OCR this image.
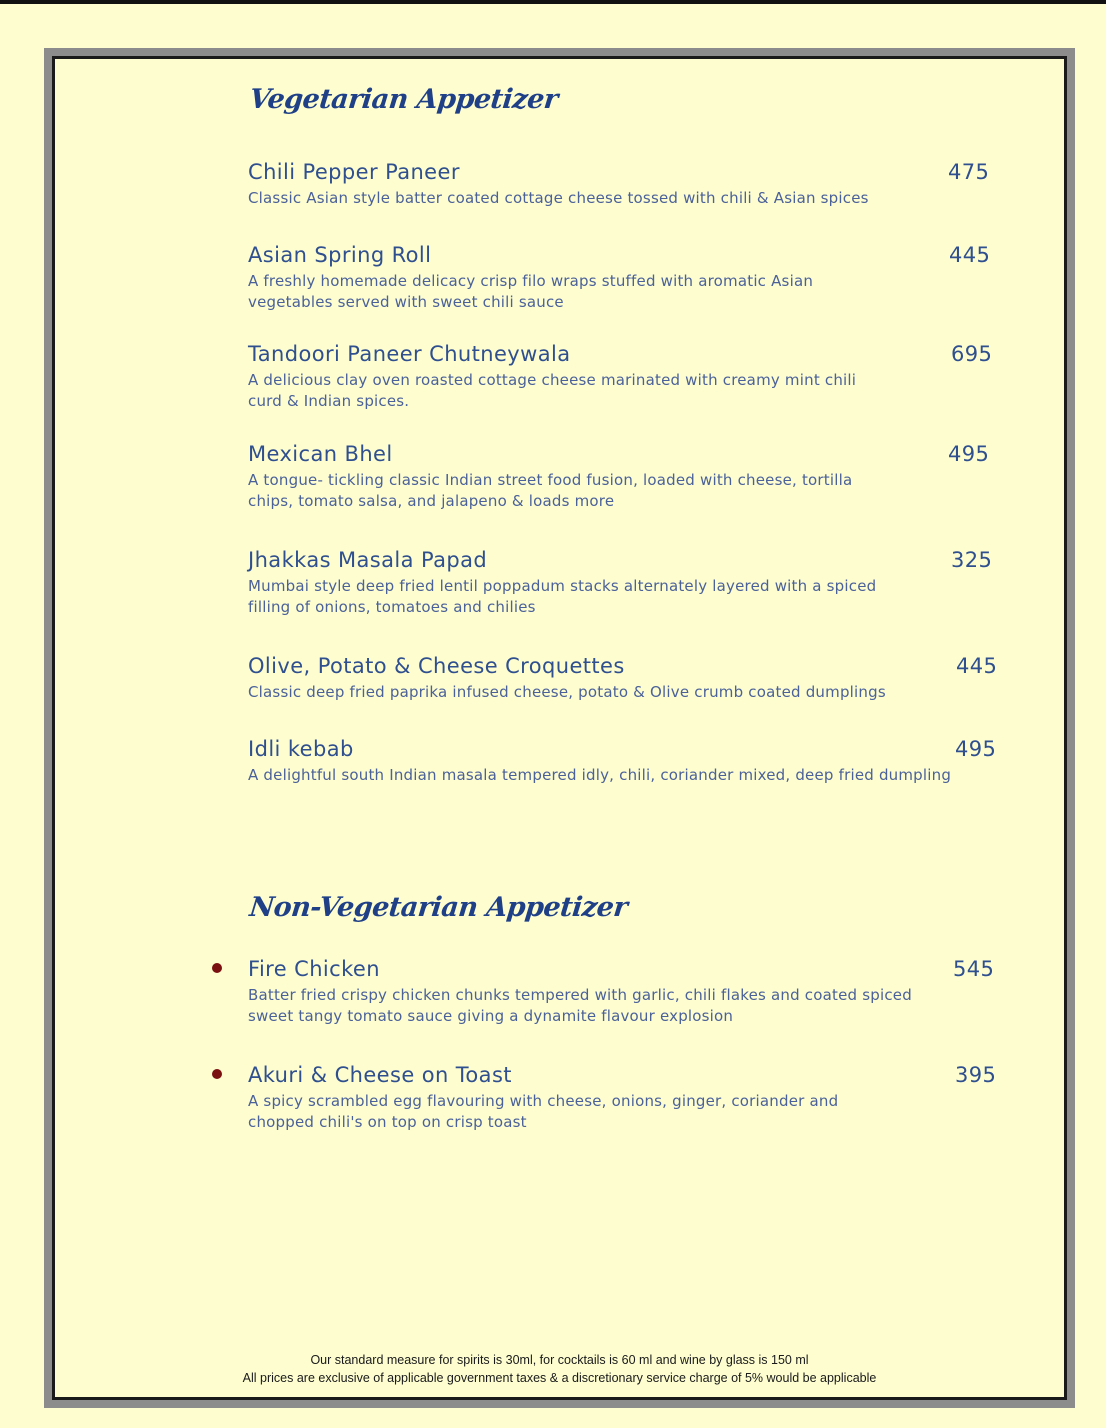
Vegetarian Appetizer
Chili Pepper Paneer	475
Classic Asian style batter coated cottage cheese tossed with chili & Asian spices
Asian Spring Roll	445
A freshly homemade delicacy crisp filo wraps stuffed with aromatic Asian vegetables served with sweet chili sauce
Tandoori Paneer Chutneywala	695
A delicious clay oven roasted cottage cheese marinated with creamy mint chili curd & Indian spices.
Mexican Bhel	495
A tongue- tickling classic Indian street food fusion, loaded with cheese, tortilla chips, tomato salsa, and jalapeno & loads more
Jhakkas Masala Papad	325
Mumbai style deep fried lentil poppadum stacks alternately layered with a spiced filling of onions, tomatoes and chilies
Olive, Potato & Cheese Croquettes	445
Classic deep fried paprika infused cheese, potato & Olive crumb coated dumplings
Idli kebab	495
A delightful south Indian masala tempered idly, chili, coriander mixed, deep fried dumpling
Non-Vegetarian Appetizer
Fire Chicken	545
Batter fried crispy chicken chunks tempered with garlic, chili flakes and coated spiced sweet tangy tomato sauce giving a dynamite flavour explosion
Akuri & Cheese on Toast	395
A spicy scrambled egg flavouring with cheese, onions, ginger, coriander and chopped chili's on top on crisp toast
Our standard measure for spirits is 30ml, for cocktails is 60 ml and wine by glass is 150 ml
All prices are exclusive of applicable government taxes & a discretionary service charge of 5% would be applicable
